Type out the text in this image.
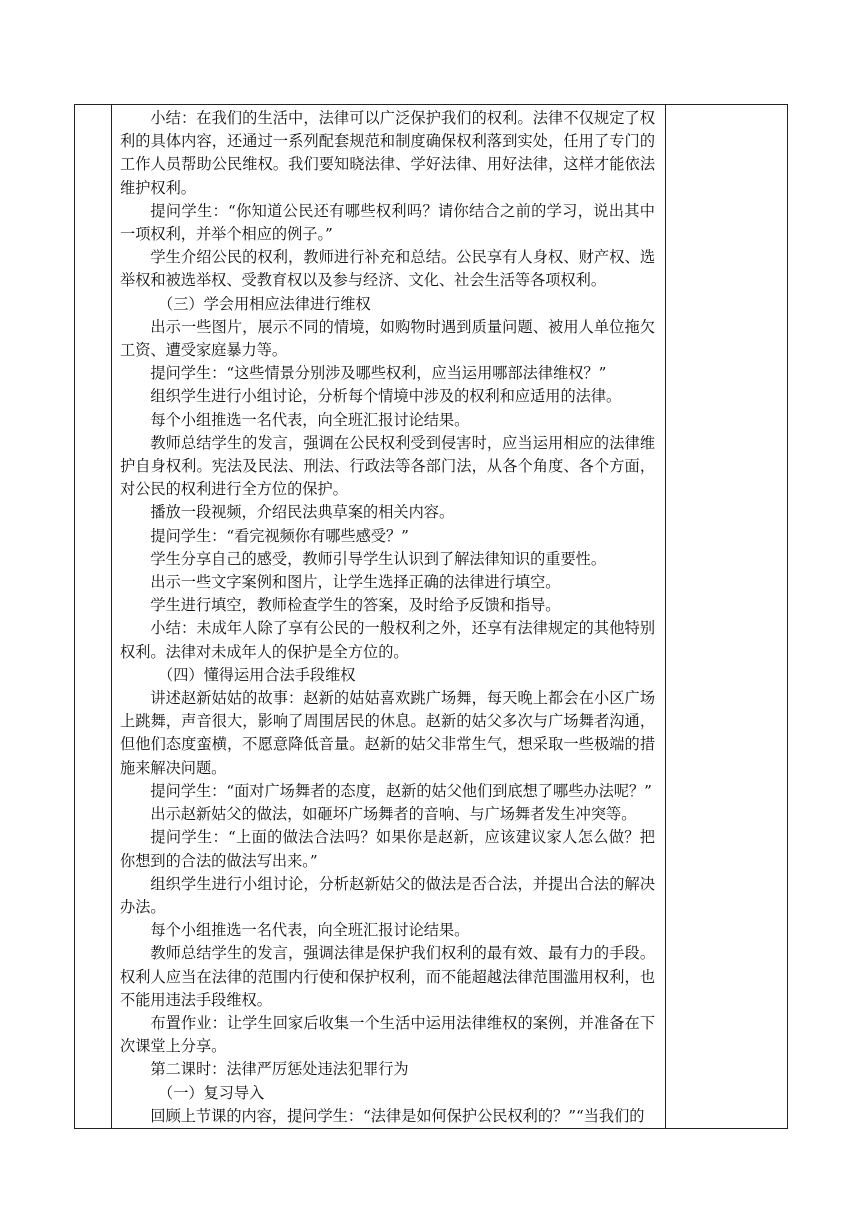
小结：在我们的生活中，法律可以广泛保护我们的权利。法律不仅规定了权利的具体内容，还通过一系列配套规范和制度确保权利落到实处，任用了专门的工作人员帮助公民维权。我们要知晓法律、学好法律、用好法律，这样才能依法维护权利。

提问学生：“你知道公民还有哪些权利吗？请你结合之前的学习，说出其中一项权利，并举个相应的例子。”

学生介绍公民的权利，教师进行补充和总结。公民享有人身权、财产权、选举权和被选举权、受教育权以及参与经济、文化、社会生活等各项权利。

（三）学会用相应法律进行维权

出示一些图片，展示不同的情境，如购物时遇到质量问题、被用人单位拖欠工资、遭受家庭暴力等。

提问学生：“这些情景分别涉及哪些权利，应当运用哪部法律维权？”

组织学生进行小组讨论，分析每个情境中涉及的权利和应适用的法律。

每个小组推选一名代表，向全班汇报讨论结果。

教师总结学生的发言，强调在公民权利受到侵害时，应当运用相应的法律维护自身权利。宪法及民法、刑法、行政法等各部门法，从各个角度、各个方面，对公民的权利进行全方位的保护。

播放一段视频，介绍民法典草案的相关内容。

提问学生：“看完视频你有哪些感受？”

学生分享自己的感受，教师引导学生认识到了解法律知识的重要性。

出示一些文字案例和图片，让学生选择正确的法律进行填空。

学生进行填空，教师检查学生的答案，及时给予反馈和指导。

小结：未成年人除了享有公民的一般权利之外，还享有法律规定的其他特别权利。法律对未成年人的保护是全方位的。

（四）懂得运用合法手段维权

讲述赵新姑姑的故事：赵新的姑姑喜欢跳广场舞，每天晚上都会在小区广场上跳舞，声音很大，影响了周围居民的休息。赵新的姑父多次与广场舞者沟通，但他们态度蛮横，不愿意降低音量。赵新的姑父非常生气，想采取一些极端的措施来解决问题。

提问学生：“面对广场舞者的态度，赵新的姑父他们到底想了哪些办法呢？”

出示赵新姑父的做法，如砸坏广场舞者的音响、与广场舞者发生冲突等。

提问学生：“上面的做法合法吗？如果你是赵新，应该建议家人怎么做？把你想到的合法的做法写出来。”

组织学生进行小组讨论，分析赵新姑父的做法是否合法，并提出合法的解决办法。

每个小组推选一名代表，向全班汇报讨论结果。

教师总结学生的发言，强调法律是保护我们权利的最有效、最有力的手段。权利人应当在法律的范围内行使和保护权利，而不能超越法律范围滥用权利，也不能用违法手段维权。

布置作业：让学生回家后收集一个生活中运用法律维权的案例，并准备在下次课堂上分享。

第二课时：法律严厉惩处违法犯罪行为

（一）复习导入

回顾上节课的内容，提问学生：“法律是如何保护公民权利的？”“当我们的
